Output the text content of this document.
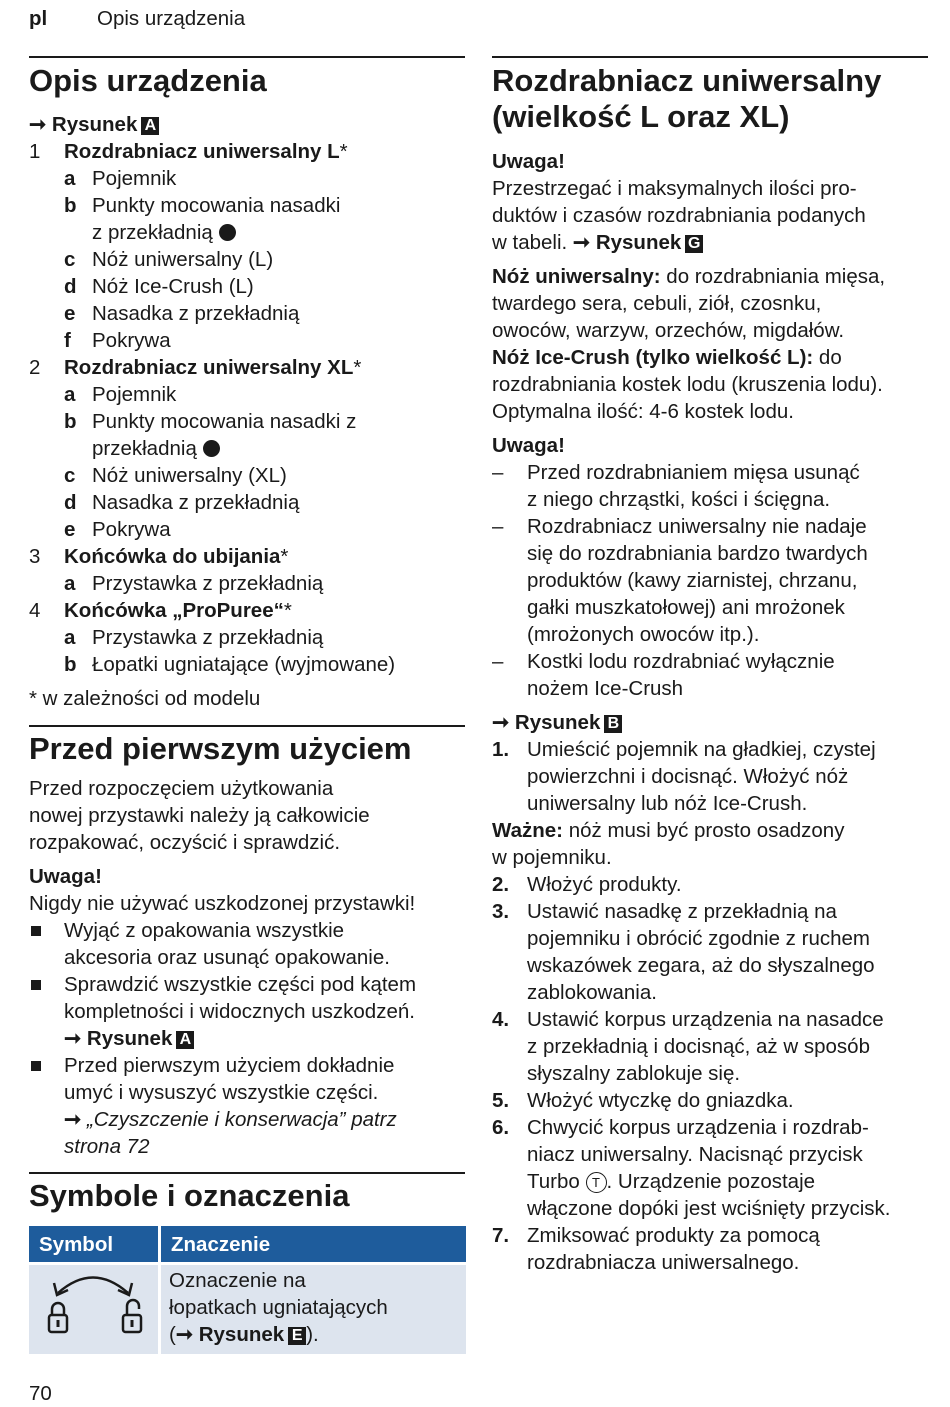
pl Opis urządzenia
Opis urządzenia
➞ Rysunek A
1 Rozdrabniacz uniwersalny L*
a Pojemnik
b Punkty mocowania nasadki
z przekładnią
c Nóż uniwersalny (L)
d Nóż Ice-Crush (L)
e Nasadka z przekładnią
f Pokrywa
2 Rozdrabniacz uniwersalny XL*
a Pojemnik
b Punkty mocowania nasadki z
przekładnią
c Nóż uniwersalny (XL)
d Nasadka z przekładnią
e Pokrywa
3 Końcówka do ubijania*
a Przystawka z przekładnią
4 Końcówka „ProPuree“*
a Przystawka z przekładnią
b Łopatki ugniatające (wyjmowane)
* w zależności od modelu
Przed pierwszym użyciem
Przed rozpoczęciem użytkowania
nowej przystawki należy ją całkowicie
rozpakować, oczyścić i sprawdzić.
Uwaga!
Nigdy nie używać uszkodzonej przystawki!
Wyjąć z opakowania wszystkie
akcesoria oraz usunąć opakowanie.
Sprawdzić wszystkie części pod kątem
kompletności i widocznych uszkodzeń.
➞ Rysunek A
Przed pierwszym użyciem dokładnie
umyć i wysuszyć wszystkie części.
➞ „Czyszczenie i konserwacja” patrz
strona 72
Symbole i oznaczenia
Symbol	Znaczenie

Oznaczenie na
łopatkach ugniatających
(➞ Rysunek E ).
Rozdrabniacz uniwersalny
(wielkość L oraz XL)
Uwaga!
Przestrzegać i maksymalnych ilości pro-
duktów i czasów rozdrabniania podanych
w tabeli. ➞ Rysunek G
Nóż uniwersalny: do rozdrabniania mięsa,
twardego sera, cebuli, ziół, czosnku,
owoców, warzyw, orzechów, migdałów.
Nóż Ice-Crush (tylko wielkość L): do
rozdrabniania kostek lodu (kruszenia lodu).
Optymalna ilość: 4-6 kostek lodu.
Uwaga!
– Przed rozdrabnianiem mięsa usunąć
z niego chrząstki, kości i ścięgna.
– Rozdrabniacz uniwersalny nie nadaje
się do rozdrabniania bardzo twardych
produktów (kawy ziarnistej, chrzanu,
gałki muszkatołowej) ani mrożonek
(mrożonych owoców itp.).
– Kostki lodu rozdrabniać wyłącznie
nożem Ice-Crush
➞ Rysunek B
1. Umieścić pojemnik na gładkiej, czystej
powierzchni i docisnąć. Włożyć nóż
uniwersalny lub nóż Ice-Crush.
Ważne: nóż musi być prosto osadzony
w pojemniku.
2. Włożyć produkty.
3. Ustawić nasadkę z przekładnią na
pojemniku i obrócić zgodnie z ruchem
wskazówek zegara, aż do słyszalnego
zablokowania.
4. Ustawić korpus urządzenia na nasadce
z przekładnią i docisnąć, aż w sposób
słyszalny zablokuje się.
5. Włożyć wtyczkę do gniazdka.
6. Chwycić korpus urządzenia i rozdrab-
niacz uniwersalny. Nacisnąć przycisk
Turbo T . Urządzenie pozostaje
włączone dopóki jest wciśnięty przycisk.
7. Zmiksować produkty za pomocą
rozdrabniacza uniwersalnego.
70
